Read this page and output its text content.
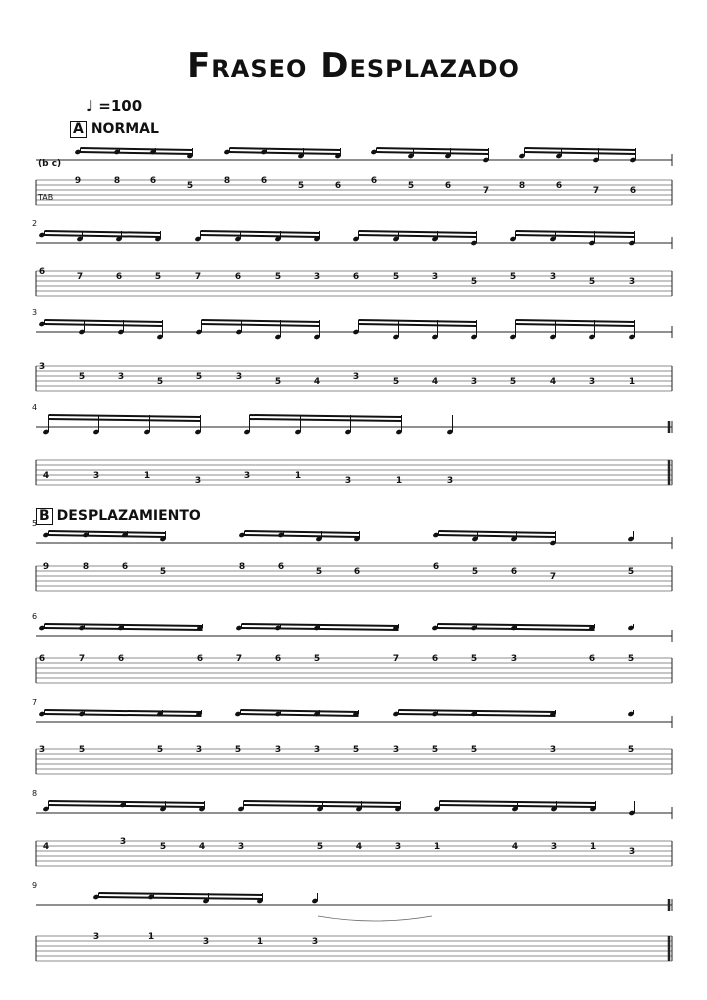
Fraseo Desplazado
♩ =100
A NORMAL
B DESPLAZAMIENTO
9	8	6	5	8	6	5	6	6	5	6	7	8	6	7	6
2
6	7	6	5	7	6	5	3	6	5	3	5	5	3	5	3
3
3
5	3	5	5	3	5	4	3	5	4	3	5	4	3	1
4
4	3	1	3	3	1	3	1	3
5
9	8	6	5	8	6	5	6	6	5	6	7	5
6
6	7	6	6	7	6	5	7	6	5	3	6	5
7
3	5	5	3	5	3	3	5	3	5	5	3	5
8
4	3	5	4	3	5	4	3	1	4	3	1	3
9
3	1	3	1	3
(b c)
TAB
